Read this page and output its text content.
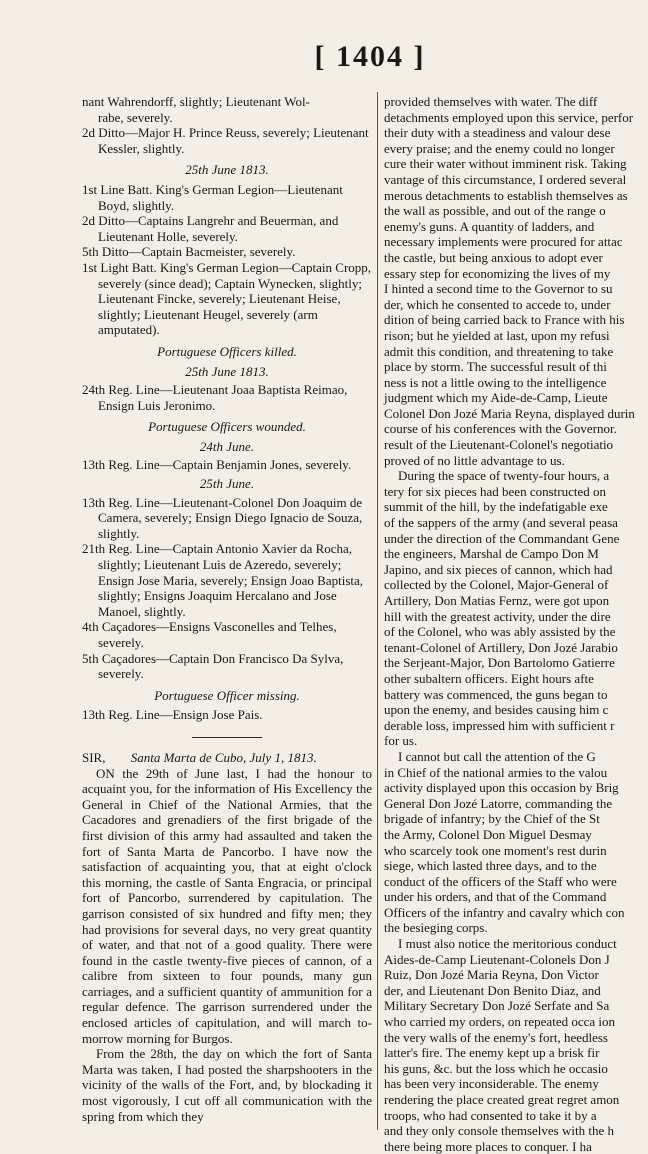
[ 1404 ]

nant Wahrendorff, slightly; Lieutenant Wol-

rabe, severely.

2d Ditto—Major H. Prince Reuss, severely; Lieutenant Kessler, slightly.

25th June 1813.

1st Line Batt. King's German Legion—Lieutenant Boyd, slightly.

2d Ditto—Captains Langrehr and Beuerman, and Lieutenant Holle, severely.

5th Ditto—Captain Bacmeister, severely.

1st Light Batt. King's German Legion—Captain Cropp, severely (since dead); Captain Wynecken, slightly; Lieutenant Fincke, severely; Lieutenant Heise, slightly; Lieutenant Heugel, severely (arm amputated).

Portuguese Officers killed.

25th June 1813.

24th Reg. Line—Lieutenant Joaa Baptista Reimao, Ensign Luis Jeronimo.

Portuguese Officers wounded.

24th June.

13th Reg. Line—Captain Benjamin Jones, severely.

25th June.

13th Reg. Line—Lieutenant-Colonel Don Joaquim de Camera, severely; Ensign Diego Ignacio de Souza, slightly.

21th Reg. Line—Captain Antonio Xavier da Rocha, slightly; Lieutenant Luis de Azeredo, severely; Ensign Jose Maria, severely; Ensign Joao Baptista, slightly; Ensigns Joaquim Hercalano and Jose Manoel, slightly.

4th Caçadores—Ensigns Vasconelles and Telhes, severely.

5th Caçadores—Captain Don Francisco Da Sylva, severely.

Portuguese Officer missing.

13th Reg. Line—Ensign Jose Pais.

SIR, Santa Marta de Cubo, July 1, 1813.

ON the 29th of June last, I had the honour to acquaint you, for the information of His Excellency the General in Chief of the National Armies, that the Cacadores and grenadiers of the first brigade of the first division of this army had assaulted and taken the fort of Santa Marta de Pancorbo. I have now the satisfaction of acquainting you, that at eight o'clock this morning, the castle of Santa Engracia, or principal fort of Pancorbo, surrendered by capitulation. The garrison consisted of six hundred and fifty men; they had provisions for several days, no very great quantity of water, and that not of a good quality. There were found in the castle twenty-five pieces of cannon, of a calibre from sixteen to four pounds, many gun carriages, and a sufficient quantity of ammunition for a regular defence. The garrison surrendered under the enclosed articles of capitulation, and will march to-morrow morning for Burgos.

From the 28th, the day on which the fort of Santa Marta was taken, I had posted the sharpshooters in the vicinity of the walls of the Fort, and, by blockading it most vigorously, I cut off all communication with the spring from which they

provided themselves with water. The diff

detachments employed upon this service, perfor

their duty with a steadiness and valour dese

every praise; and the enemy could no longer

cure their water without imminent risk. Taking

vantage of this circumstance, I ordered several

merous detachments to establish themselves as

the wall as possible, and out of the range o

enemy's guns. A quantity of ladders, and

necessary implements were procured for attac

the castle, but being anxious to adopt ever

essary step for economizing the lives of my

I hinted a second time to the Governor to su

der, which he consented to accede to, under

dition of being carried back to France with his

rison; but he yielded at last, upon my refusi

admit this condition, and threatening to take

place by storm. The successful result of thi

ness is not a little owing to the intelligence

judgment which my Aide-de-Camp, Lieute

Colonel Don Jozé Maria Reyna, displayed durin

course of his conferences with the Governor.

result of the Lieutenant-Colonel's negotiatio

proved of no little advantage to us.

During the space of twenty-four hours, a

tery for six pieces had been constructed on

summit of the hill, by the indefatigable exe

of the sappers of the army (and several peasa

under the direction of the Commandant Gene

the engineers, Marshal de Campo Don M

Japino, and six pieces of cannon, which had

collected by the Colonel, Major-General of

Artillery, Don Matias Fernz, were got upon

hill with the greatest activity, under the dire

of the Colonel, who was ably assisted by the

tenant-Colonel of Artillery, Don Jozé Jarabio

the Serjeant-Major, Don Bartolomo Gatierre

other subaltern officers. Eight hours afte

battery was commenced, the guns began to

upon the enemy, and besides causing him c

derable loss, impressed him with sufficient r

for us.

I cannot but call the attention of the G

in Chief of the national armies to the valou

activity displayed upon this occasion by Brig

General Don Jozé Latorre, commanding the

brigade of infantry; by the Chief of the St

the Army, Colonel Don Miguel Desmay

who scarcely took one moment's rest durin

siege, which lasted three days, and to the

conduct of the officers of the Staff who were

under his orders, and that of the Command

Officers of the infantry and cavalry which con

the besieging corps.

I must also notice the meritorious conduct

Aides-de-Camp Lieutenant-Colonels Don J

Ruiz, Don Jozé Maria Reyna, Don Victor

der, and Lieutenant Don Benito Diaz, and

Military Secretary Don Jozé Serfate and Sa

who carried my orders, on repeated occa ion

the very walls of the enemy's fort, heedless

latter's fire. The enemy kept up a brisk fir

his guns, &c. but the loss which he occasio

has been very inconsiderable. The enemy

rendering the place created great regret amon

troops, who had consented to take it by a

and they only console themselves with the h

there being more places to conquer. I ha
